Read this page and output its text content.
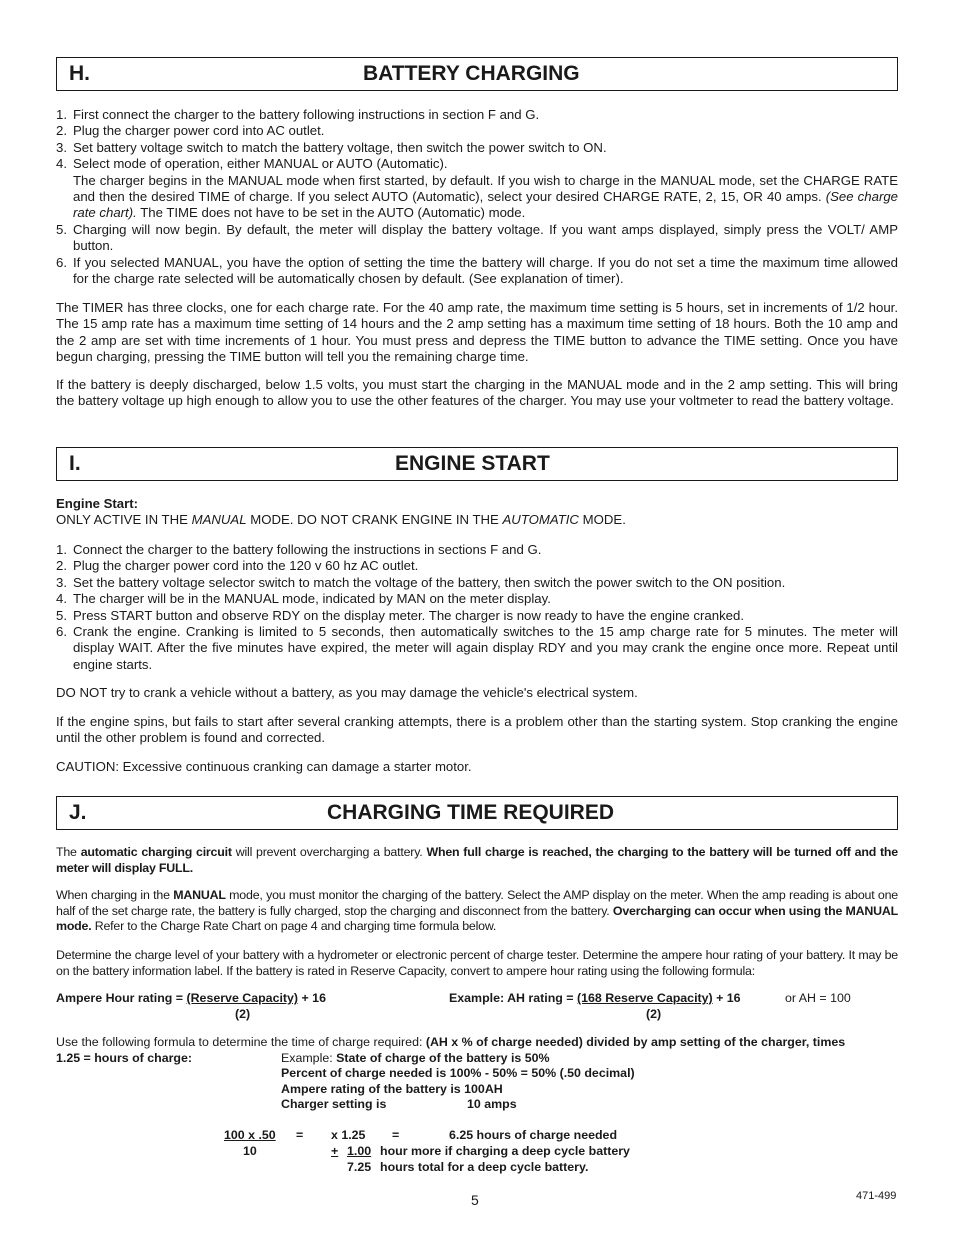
H.	BATTERY CHARGING
1. First connect the charger to the battery following instructions in section F and G.
2. Plug the charger power cord into AC outlet.
3. Set battery voltage switch to match the battery voltage, then switch the power switch to ON.
4. Select mode of operation, either MANUAL or AUTO (Automatic).
The charger begins in the MANUAL mode when first started, by default. If you wish to charge in the MANUAL mode, set the CHARGE RATE and then the desired TIME of charge. If you select AUTO (Automatic), select your desired CHARGE RATE, 2, 15, OR 40 amps. (See charge rate chart). The TIME does not have to be set in the AUTO (Automatic) mode.
5. Charging will now begin. By default, the meter will display the battery voltage. If you want amps displayed, simply press the VOLT/ AMP button.
6. If you selected MANUAL, you have the option of setting the time the battery will charge. If you do not set a time the maximum time allowed for the charge rate selected will be automatically chosen by default. (See explanation of timer).

The TIMER has three clocks, one for each charge rate. For the 40 amp rate, the maximum time setting is 5 hours, set in increments of 1/2 hour. The 15 amp rate has a maximum time setting of 14 hours and the 2 amp setting has a maximum time setting of 18 hours. Both the 10 amp and the 2 amp are set with time increments of 1 hour. You must press and depress the TIME button to advance the TIME setting. Once you have begun charging, pressing the TIME button will tell you the remaining charge time.

If the battery is deeply discharged, below 1.5 volts, you must start the charging in the MANUAL mode and in the 2 amp setting. This will bring the battery voltage up high enough to allow you to use the other features of the charger. You may use your voltmeter to read the battery voltage.

I.	ENGINE START
Engine Start:
ONLY ACTIVE IN THE MANUAL MODE. DO NOT CRANK ENGINE IN THE AUTOMATIC MODE.
1. Connect the charger to the battery following the instructions in sections F and G.
2. Plug the charger power cord into the 120 v 60 hz AC outlet.
3. Set the battery voltage selector switch to match the voltage of the battery, then switch the power switch to the ON position.
4. The charger will be in the MANUAL mode, indicated by MAN on the meter display.
5. Press START button and observe RDY on the display meter. The charger is now ready to have the engine cranked.
6. Crank the engine. Cranking is limited to 5 seconds, then automatically switches to the 15 amp charge rate for 5 minutes. The meter will display WAIT. After the five minutes have expired, the meter will again display RDY and you may crank the engine once more. Repeat until engine starts.

DO NOT try to crank a vehicle without a battery, as you may damage the vehicle's electrical system.

If the engine spins, but fails to start after several cranking attempts, there is a problem other than the starting system. Stop cranking the engine until the other problem is found and corrected.

CAUTION: Excessive continuous cranking can damage a starter motor.

J.	CHARGING TIME REQUIRED

The automatic charging circuit will prevent overcharging a battery. When full charge is reached, the charging to the battery will be turned off and the meter will display FULL.

When charging in the MANUAL mode, you must monitor the charging of the battery. Select the AMP display on the meter. When the amp reading is about one half of the set charge rate, the battery is fully charged, stop the charging and disconnect from the battery. Overcharging can occur when using the MANUAL mode. Refer to the Charge Rate Chart on page 4 and charging time formula below.

Determine the charge level of your battery with a hydrometer or electronic percent of charge tester. Determine the ampere hour rating of your battery. It may be on the battery information label. If the battery is rated in Reserve Capacity, convert to ampere hour rating using the following formula:

Ampere Hour rating = (Reserve Capacity) + 16
(2)
Example: AH rating = (168 Reserve Capacity) + 16
(2)
or AH = 100
Use the following formula to determine the time of charge required: (AH x % of charge needed) divided by amp setting of the charger, times
1.25 = hours of charge:	Example: State of charge of the battery is 50%
Percent of charge needed is 100% - 50% = 50% (.50 decimal)
Ampere rating of the battery is 100AH
Charger setting is	10 amps
100 x .50
10
= x 1.25 =	6.25 hours of charge needed
+ 1.00 hour more if charging a deep cycle battery
7.25 hours total for a deep cycle battery.
5	471-499
